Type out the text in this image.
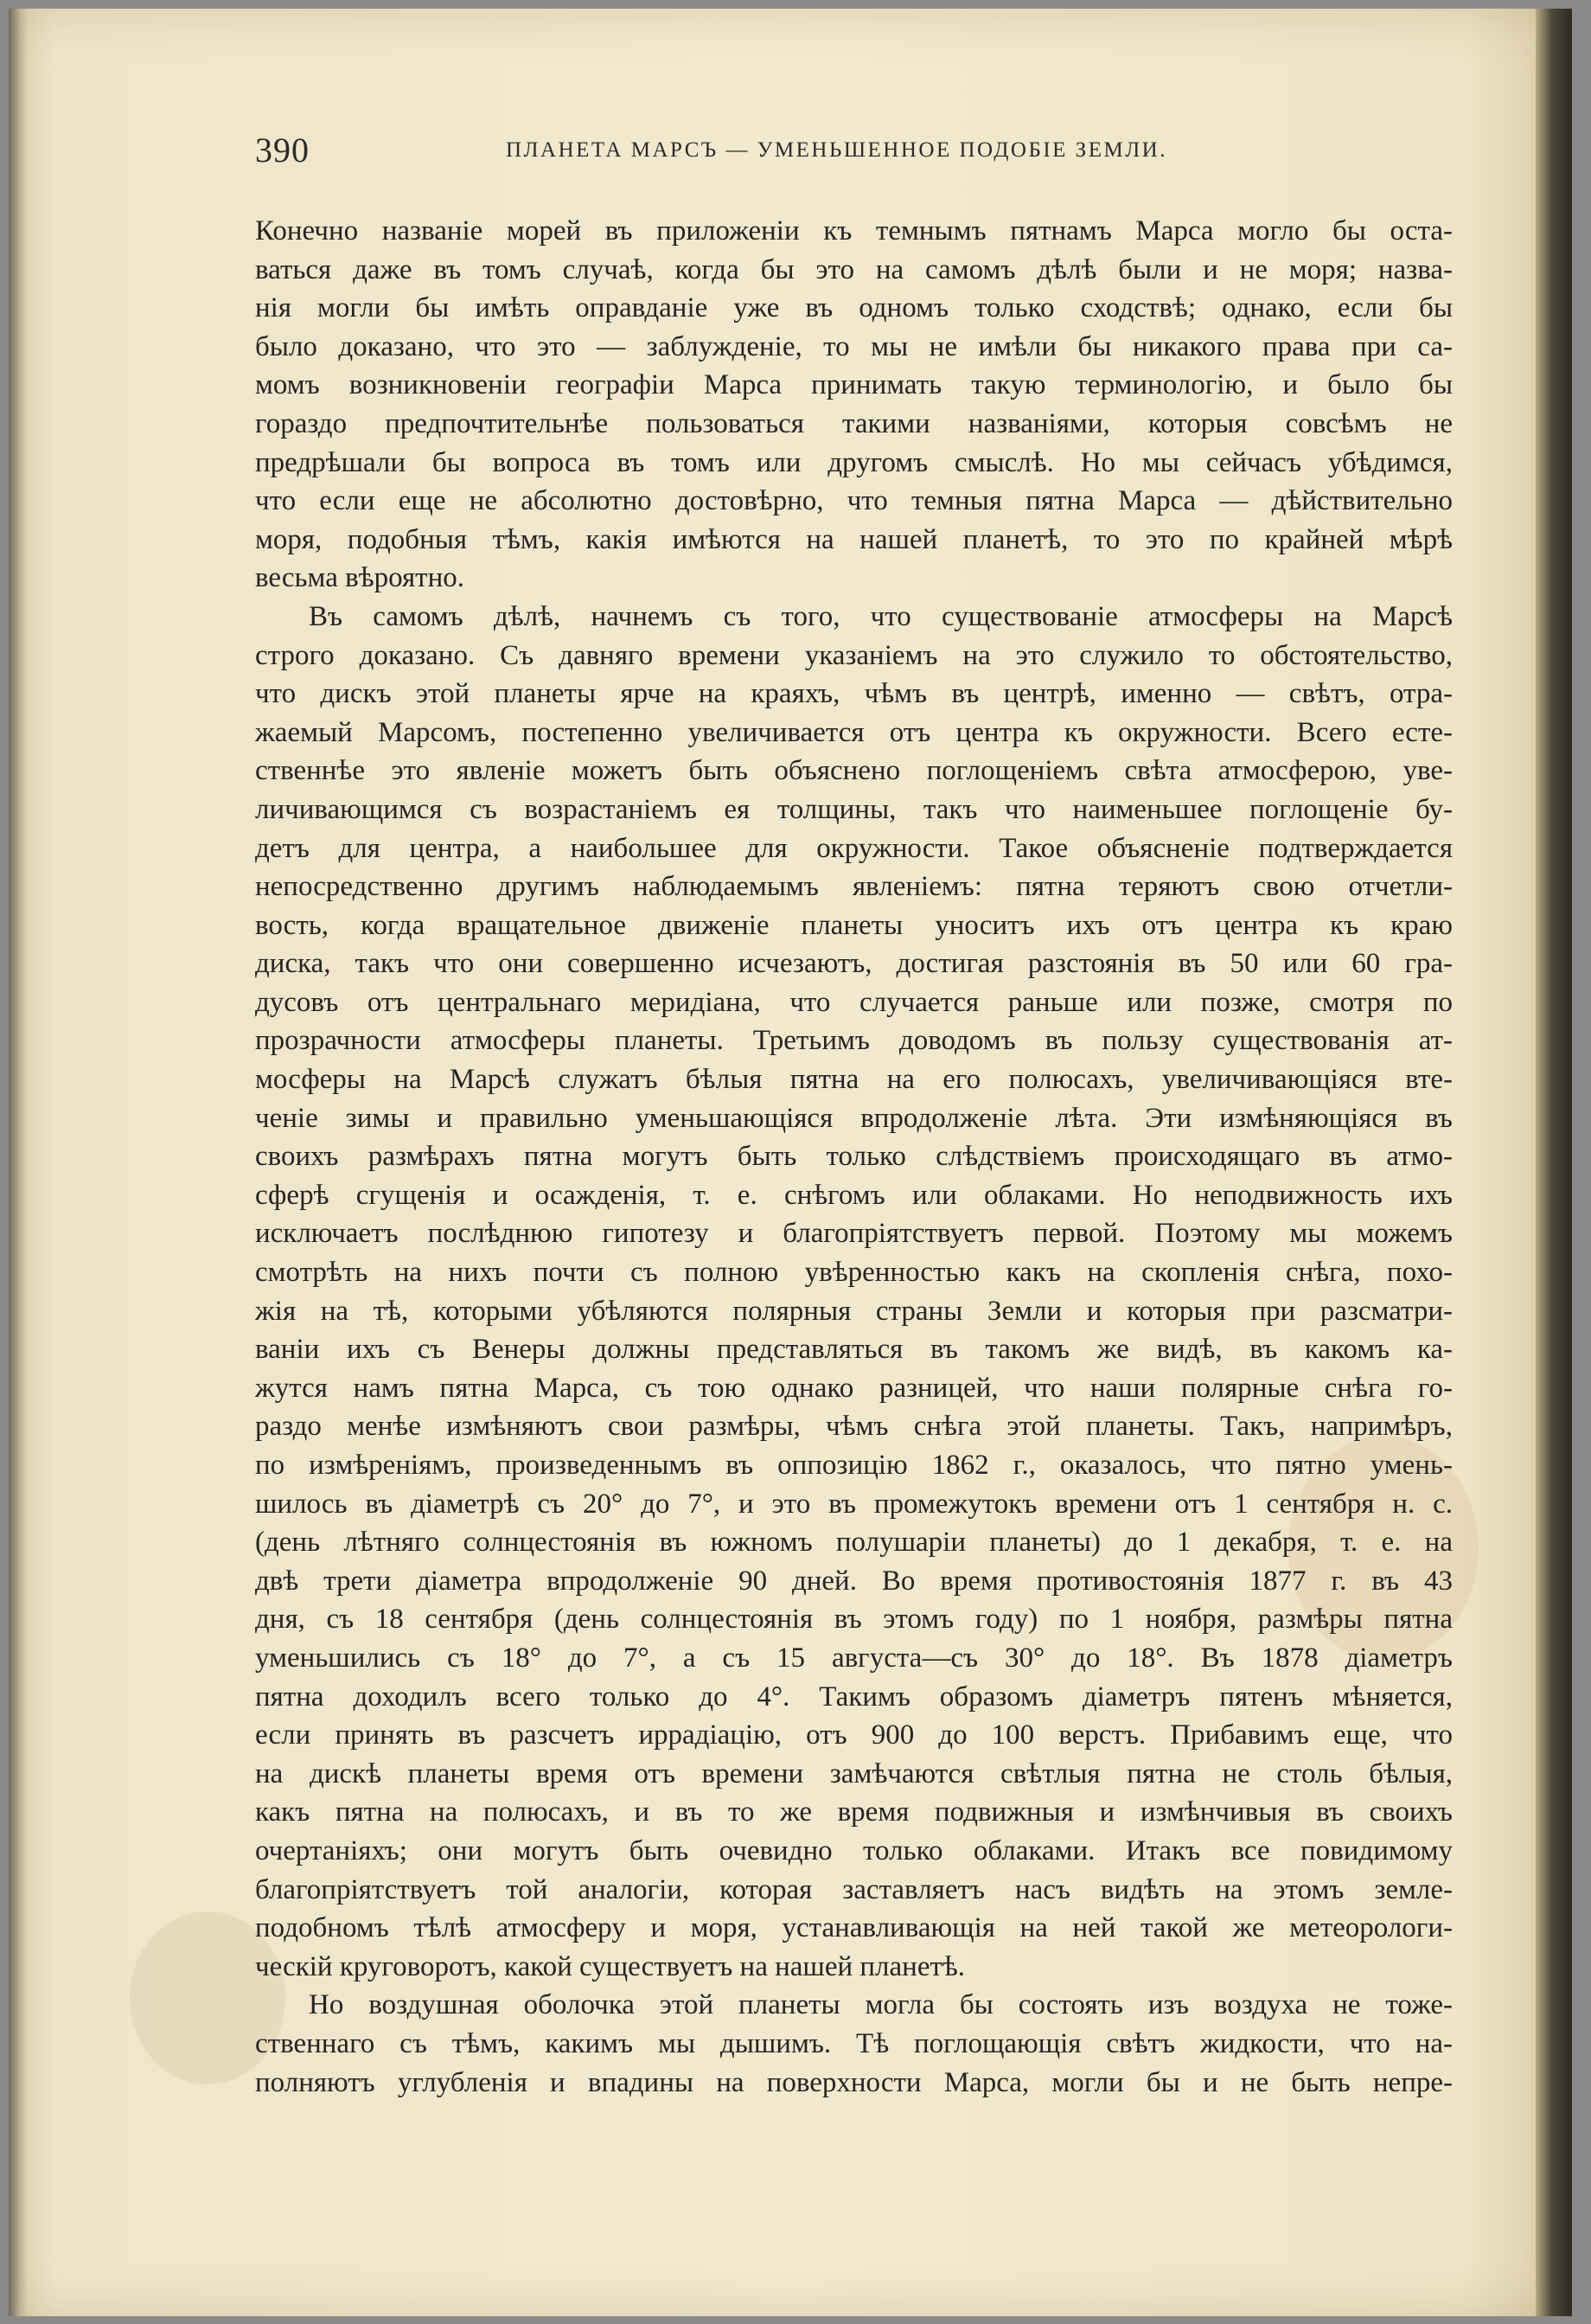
390	ПЛАНЕТА МАРСЪ — УМЕНЬШЕННОЕ ПОДОБІЕ ЗЕМЛИ.
Конечно названіе морей въ приложеніи къ темнымъ пятнамъ Марса могло бы оста-
ваться даже въ томъ случаѣ, когда бы это на самомъ дѣлѣ были и не моря; назва-
нія могли бы имѣть оправданіе уже въ одномъ только сходствѣ; однако, если бы
было доказано, что это — заблужденіе, то мы не имѣли бы никакого права при са-
момъ возникновеніи географіи Марса принимать такую терминологію, и было бы
гораздо предпочтительнѣе пользоваться такими названіями, которыя совсѣмъ не
предрѣшали бы вопроса въ томъ или другомъ смыслѣ. Но мы сейчасъ убѣдимся,
что если еще не абсолютно достовѣрно, что темныя пятна Марса — дѣйствительно
моря, подобныя тѣмъ, какія имѣются на нашей планетѣ, то это по крайней мѣрѣ
весьма вѣроятно.
Въ самомъ дѣлѣ, начнемъ съ того, что существованіе атмосферы на Марсѣ
строго доказано. Съ давняго времени указаніемъ на это служило то обстоятельство,
что дискъ этой планеты ярче на краяхъ, чѣмъ въ центрѣ, именно — свѣтъ, отра-
жаемый Марсомъ, постепенно увеличивается отъ центра къ окружности. Всего есте-
ственнѣе это явленіе можетъ быть объяснено поглощеніемъ свѣта атмосферою, уве-
личивающимся съ возрастаніемъ ея толщины, такъ что наименьшее поглощеніе бу-
детъ для центра, а наибольшее для окружности. Такое объясненіе подтверждается
непосредственно другимъ наблюдаемымъ явленіемъ: пятна теряютъ свою отчетли-
вость, когда вращательное движеніе планеты уноситъ ихъ отъ центра къ краю
диска, такъ что они совершенно исчезаютъ, достигая разстоянія въ 50 или 60 гра-
дусовъ отъ центральнаго меридіана, что случается раньше или позже, смотря по
прозрачности атмосферы планеты. Третьимъ доводомъ въ пользу существованія ат-
мосферы на Марсѣ служатъ бѣлыя пятна на его полюсахъ, увеличивающіяся вте-
ченіе зимы и правильно уменьшающіяся впродолженіе лѣта. Эти измѣняющіяся въ
своихъ размѣрахъ пятна могутъ быть только слѣдствіемъ происходящаго въ атмо-
сферѣ сгущенія и осажденія, т. е. снѣгомъ или облаками. Но неподвижность ихъ
исключаетъ послѣднюю гипотезу и благопріятствуетъ первой. Поэтому мы можемъ
смотрѣть на нихъ почти съ полною увѣренностью какъ на скопленія снѣга, похо-
жія на тѣ, которыми убѣляются полярныя страны Земли и которыя при разсматри-
ваніи ихъ съ Венеры должны представляться въ такомъ же видѣ, въ какомъ ка-
жутся намъ пятна Марса, съ тою однако разницей, что наши полярные снѣга го-
раздо менѣе измѣняютъ свои размѣры, чѣмъ снѣга этой планеты. Такъ, напримѣръ,
по измѣреніямъ, произведеннымъ въ оппозицію 1862 г., оказалось, что пятно умень-
шилось въ діаметрѣ съ 20° до 7°, и это въ промежутокъ времени отъ 1 сентября н. с.
(день лѣтняго солнцестоянія въ южномъ полушаріи планеты) до 1 декабря, т. е. на
двѣ трети діаметра впродолженіе 90 дней. Во время противостоянія 1877 г. въ 43
дня, съ 18 сентября (день солнцестоянія въ этомъ году) по 1 ноября, размѣры пятна
уменьшились съ 18° до 7°, а съ 15 августа—съ 30° до 18°. Въ 1878 діаметръ
пятна доходилъ всего только до 4°. Такимъ образомъ діаметръ пятенъ мѣняется,
если принять въ разсчетъ иррадіацію, отъ 900 до 100 верстъ. Прибавимъ еще, что
на дискѣ планеты время отъ времени замѣчаются свѣтлыя пятна не столь бѣлыя,
какъ пятна на полюсахъ, и въ то же время подвижныя и измѣнчивыя въ своихъ
очертаніяхъ; они могутъ быть очевидно только облаками. Итакъ все повидимому
благопріятствуетъ той аналогіи, которая заставляетъ насъ видѣть на этомъ земле-
подобномъ тѣлѣ атмосферу и моря, устанавливающія на ней такой же метеорологи-
ческій круговоротъ, какой существуетъ на нашей планетѣ.
Но воздушная оболочка этой планеты могла бы состоять изъ воздуха не тоже-
ственнаго съ тѣмъ, какимъ мы дышимъ. Тѣ поглощающія свѣтъ жидкости, что на-
полняютъ углубленія и впадины на поверхности Марса, могли бы и не быть непре-
